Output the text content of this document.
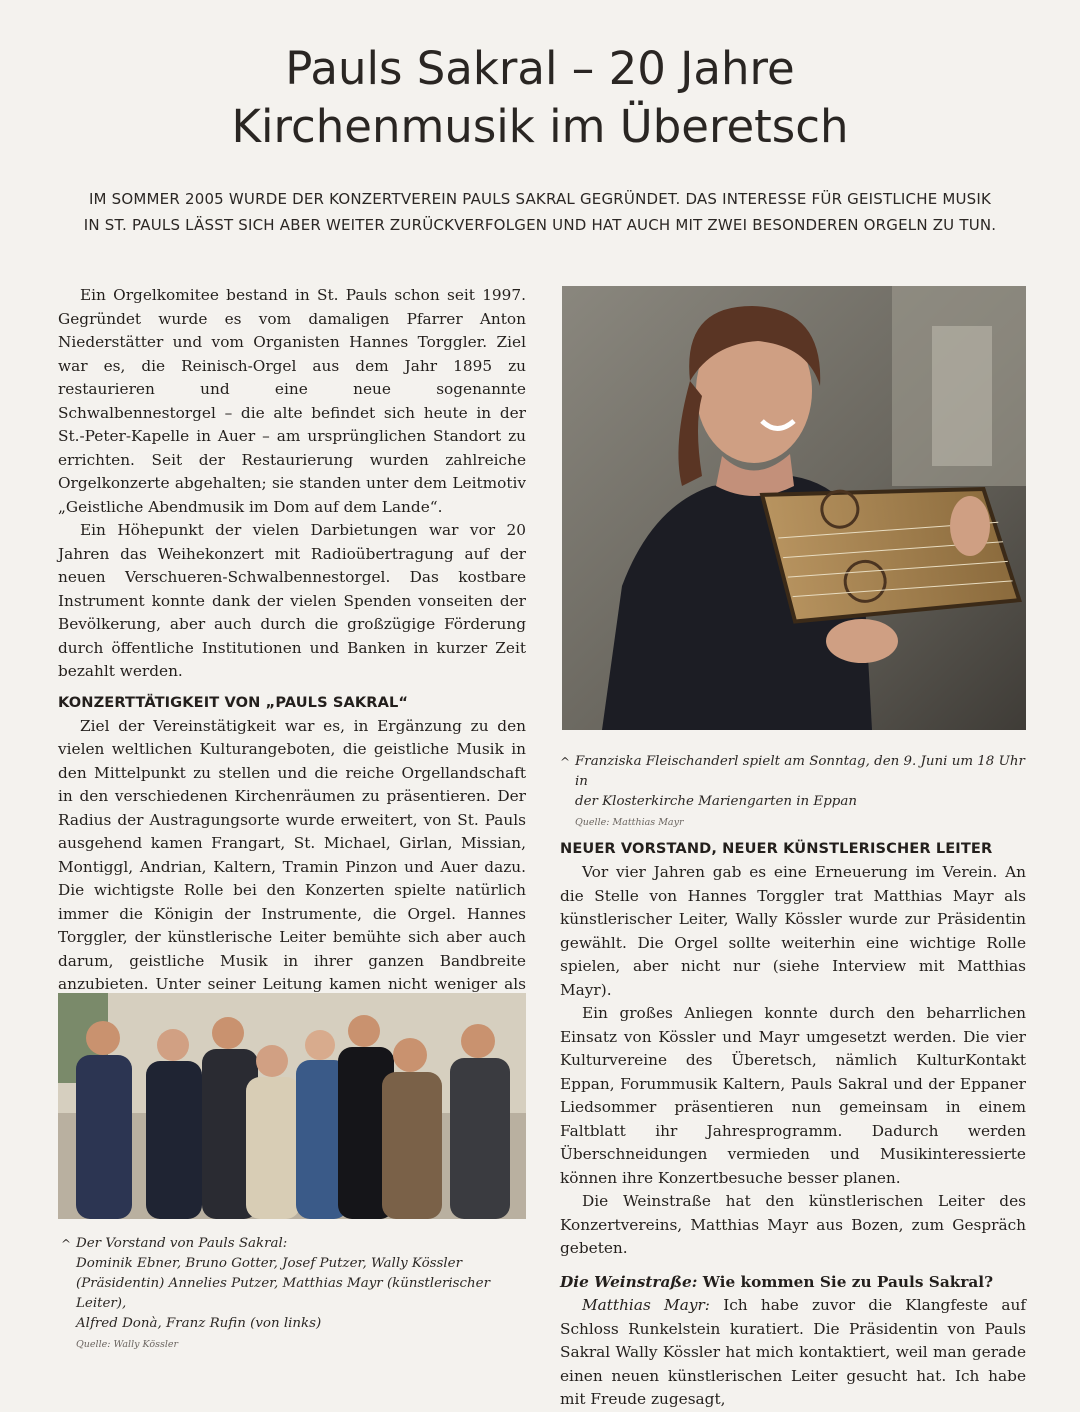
Pauls Sakral – 20 Jahre
Kirchenmusik im Überetsch

IM SOMMER 2005 WURDE DER KONZERTVEREIN PAULS SAKRAL GEGRÜNDET. DAS INTERESSE FÜR GEISTLICHE MUSIK
IN ST. PAULS LÄSST SICH ABER WEITER ZURÜCKVERFOLGEN UND HAT AUCH MIT ZWEI BESONDEREN ORGELN ZU TUN.

Ein Orgelkomitee bestand in St. Pauls schon seit 1997. Gegründet wurde es vom damaligen Pfarrer Anton Niederstätter und vom Organisten Hannes Torggler. Ziel war es, die Reinisch-Orgel aus dem Jahr 1895 zu restaurieren und eine neue sogenannte Schwalbennestorgel – die alte befindet sich heute in der St.-Peter-Kapelle in Auer – am ursprünglichen Standort zu errichten. Seit der Restaurierung wurden zahlreiche Orgelkonzerte abgehalten; sie standen unter dem Leitmotiv „Geistliche Abendmusik im Dom auf dem Lande“.

Ein Höhepunkt der vielen Darbietungen war vor 20 Jahren das Weihekonzert mit Radioübertragung auf der neuen Verschueren-Schwalbennestorgel. Das kostbare Instrument konnte dank der vielen Spenden vonseiten der Bevölkerung, aber auch durch die großzügige Förderung durch öffentliche Institutionen und Banken in kurzer Zeit bezahlt werden.

KONZERTTÄTIGKEIT VON „PAULS SAKRAL“

Ziel der Vereinstätigkeit war es, in Ergänzung zu den vielen weltlichen Kulturangeboten, die geistliche Musik in den Mittelpunkt zu stellen und die reiche Orgellandschaft in den verschiedenen Kirchenräumen zu präsentieren. Der Radius der Austragungsorte wurde erweitert, von St. Pauls ausgehend kamen Frangart, St. Michael, Girlan, Missian, Montiggl, Andrian, Kaltern, Tramin Pinzon und Auer dazu. Die wichtigste Rolle bei den Konzerten spielte natürlich immer die Königin der Instrumente, die Orgel. Hannes Torggler, der künstlerische Leiter bemühte sich aber auch darum, geistliche Musik in ihrer ganzen Bandbreite anzubieten. Unter seiner Leitung kamen nicht weniger als

^ Franziska Fleischanderl spielt am Sonntag, den 9. Juni um 18 Uhr in
der Klosterkirche Mariengarten in Eppan
Quelle: Matthias Mayr
NEUER VORSTAND, NEUER KÜNSTLERISCHER LEITER

Vor vier Jahren gab es eine Erneuerung im Verein. An die Stelle von Hannes Torggler trat Matthias Mayr als künstlerischer Leiter, Wally Kössler wurde zur Präsidentin gewählt. Die Orgel sollte weiterhin eine wichtige Rolle spielen, aber nicht nur (siehe Interview mit Matthias Mayr).

Ein großes Anliegen konnte durch den beharrlichen Einsatz von Kössler und Mayr umgesetzt werden. Die vier Kulturvereine des Überetsch, nämlich KulturKontakt Eppan, Forummusik Kaltern, Pauls Sakral und der Eppaner Liedsommer präsentieren nun gemeinsam in einem Faltblatt ihr Jahresprogramm. Dadurch werden Überschneidungen vermieden und Musikinteressierte können ihre Konzertbesuche besser planen.

Die Weinstraße hat den künstlerischen Leiter des Konzertvereins, Matthias Mayr aus Bozen, zum Gespräch gebeten.

Die Weinstraße: Wie kommen Sie zu Pauls Sakral?

Matthias Mayr: Ich habe zuvor die Klangfeste auf Schloss Runkelstein kuratiert. Die Präsidentin von Pauls Sakral Wally Kössler hat mich kontaktiert, weil man gerade einen neuen künstlerischen Leiter gesucht hat. Ich habe mit Freude zugesagt,

^ Der Vorstand von Pauls Sakral:
Dominik Ebner, Bruno Gotter, Josef Putzer, Wally Kössler
(Präsidentin) Annelies Putzer, Matthias Mayr (künstlerischer Leiter),
Alfred Donà, Franz Rufin (von links)
Quelle: Wally Kössler
